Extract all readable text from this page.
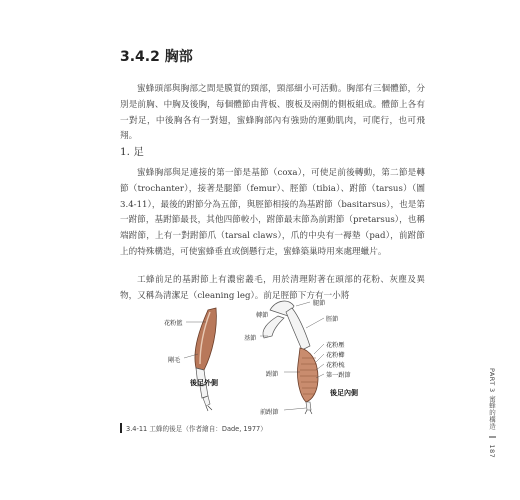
3.4.2 胸部
蜜蜂頭部與胸部之間是膜質的頸部，頸部細小可活動。胸部有三個體節，分別是前胸、中胸及後胸，每個體節由背板、腹板及兩側的側板組成。體節上各有一對足，中後胸各有一對翅，蜜蜂胸部內有強勁的運動肌肉，可爬行，也可飛翔。
1. 足
蜜蜂胸部與足連接的第一節是基節（coxa），可使足前後轉動，第二節是轉節（trochanter），接著是腿節（femur）、脛節（tibia）、跗節（tarsus）（圖 3.4-11），最後的跗節分為五節，與脛節相接的為基跗節（basitarsus），也是第一跗節，基跗節最長，其他四節較小，跗節最末節為前跗節（pretarsus），也稱端跗節，上有一對跗節爪（tarsal claws），爪的中央有一褥墊（pad），前跗節上的特殊構造，可使蜜蜂垂直或倒懸行走，蜜蜂築巢時用來處理蠟片。
工蜂前足的基跗節上有濃密叢毛，用於清理附著在頭部的花粉、灰塵及異物，又稱為清潔足（cleaning leg）。前足脛節下方有一小將
花粉籃
剛毛
後足外側
腿節
轉節
基節
脛節
花粉壓
花粉櫛
花粉梳
第一跗節
跗節
後足內側
前跗節
3.4-11 工蜂的後足（作者繪自：Dade, 1977）	PART 3 蜜蜂的構造  187
